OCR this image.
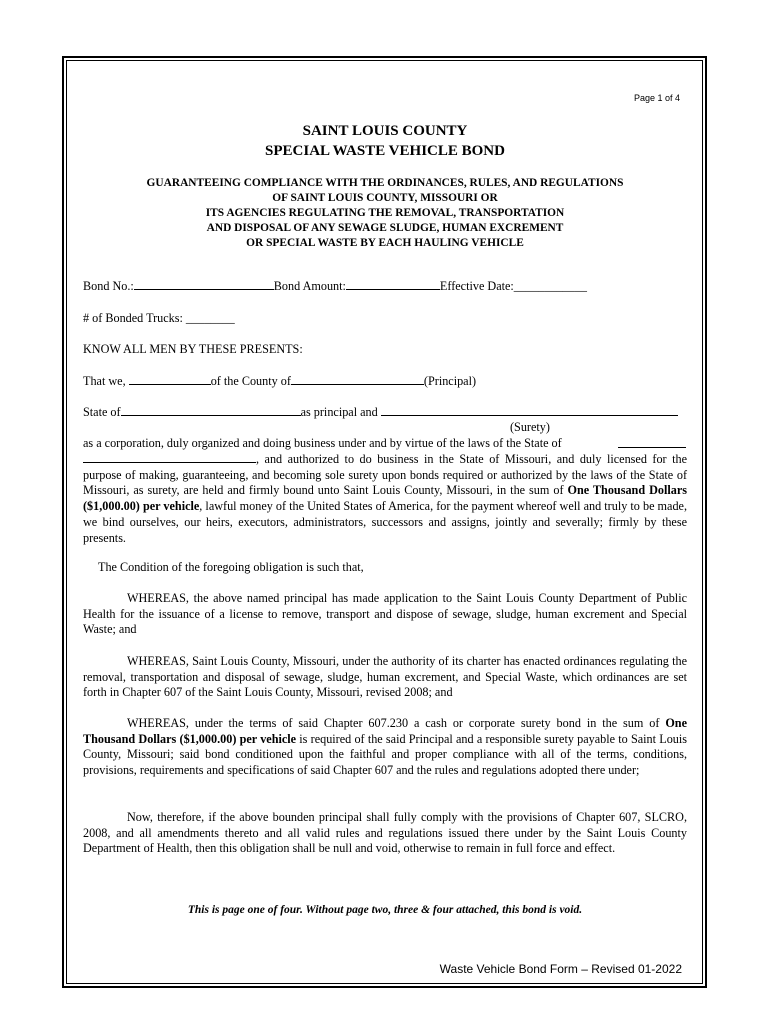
Page 1 of 4
SAINT LOUIS COUNTY
SPECIAL WASTE VEHICLE BOND
GUARANTEEING COMPLIANCE WITH THE ORDINANCES, RULES, AND REGULATIONS
OF SAINT LOUIS COUNTY, MISSOURI OR
ITS AGENCIES REGULATING THE REMOVAL, TRANSPORTATION
AND DISPOSAL OF ANY SEWAGE SLUDGE, HUMAN EXCREMENT
OR SPECIAL WASTE BY EACH HAULING VEHICLE
Bond No.:	Bond Amount:	Effective Date:____________
# of Bonded Trucks: ________
KNOW ALL MEN BY THESE PRESENTS:
That we,	of the County of	(Principal)
State of	as principal and
(Surety)
as a corporation, duly organized and doing business under and by virtue of the laws of the State of
, and authorized to do business in the State of Missouri, and duly licensed for the purpose of making, guaranteeing, and becoming sole surety upon bonds required or authorized by the laws of the State of Missouri, as surety, are held and firmly bound unto Saint Louis County, Missouri, in the sum of One Thousand Dollars ($1,000.00) per vehicle, lawful money of the United States of America, for the payment whereof well and truly to be made, we bind ourselves, our heirs, executors, administrators, successors and assigns, jointly and severally; firmly by these presents.
The Condition of the foregoing obligation is such that,
WHEREAS, the above named principal has made application to the Saint Louis County Department of Public Health for the issuance of a license to remove, transport and dispose of sewage, sludge, human excrement and Special Waste; and
WHEREAS, Saint Louis County, Missouri, under the authority of its charter has enacted ordinances regulating the removal, transportation and disposal of sewage, sludge, human excrement, and Special Waste, which ordinances are set forth in Chapter 607 of the Saint Louis County, Missouri, revised 2008; and
WHEREAS, under the terms of said Chapter 607.230 a cash or corporate surety bond in the sum of One Thousand Dollars ($1,000.00) per vehicle is required of the said Principal and a responsible surety payable to Saint Louis County, Missouri; said bond conditioned upon the faithful and proper compliance with all of the terms, conditions, provisions, requirements and specifications of said Chapter 607 and the rules and regulations adopted there under;
Now, therefore, if the above bounden principal shall fully comply with the provisions of Chapter 607, SLCRO, 2008, and all amendments thereto and all valid rules and regulations issued there under by the Saint Louis County Department of Health, then this obligation shall be null and void, otherwise to remain in full force and effect.
This is page one of four. Without page two, three & four attached, this bond is void.
Waste Vehicle Bond Form – Revised 01-2022
